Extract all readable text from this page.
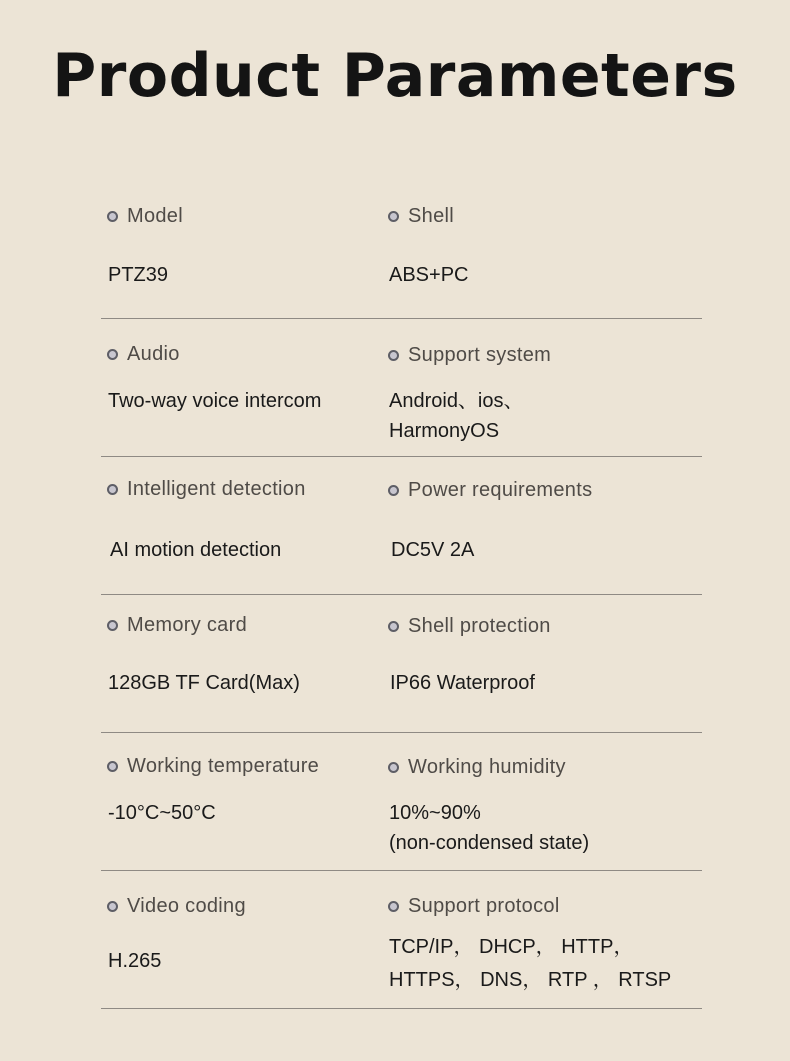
Product Parameters
Model
PTZ39
Shell
ABS+PC
Audio
Two-way voice intercom
Support system
Android、ios、
HarmonyOS
Intelligent detection
AI motion detection
Power requirements
DC5V 2A
Memory card
128GB TF Card(Max)
Shell protection
IP66 Waterproof
Working temperature
-10°C~50°C
Working humidity
10%~90%
(non-condensed state)
Video coding
H.265
Support protocol
TCP/IP， DHCP， HTTP，
HTTPS， DNS， RTP ， RTSP
